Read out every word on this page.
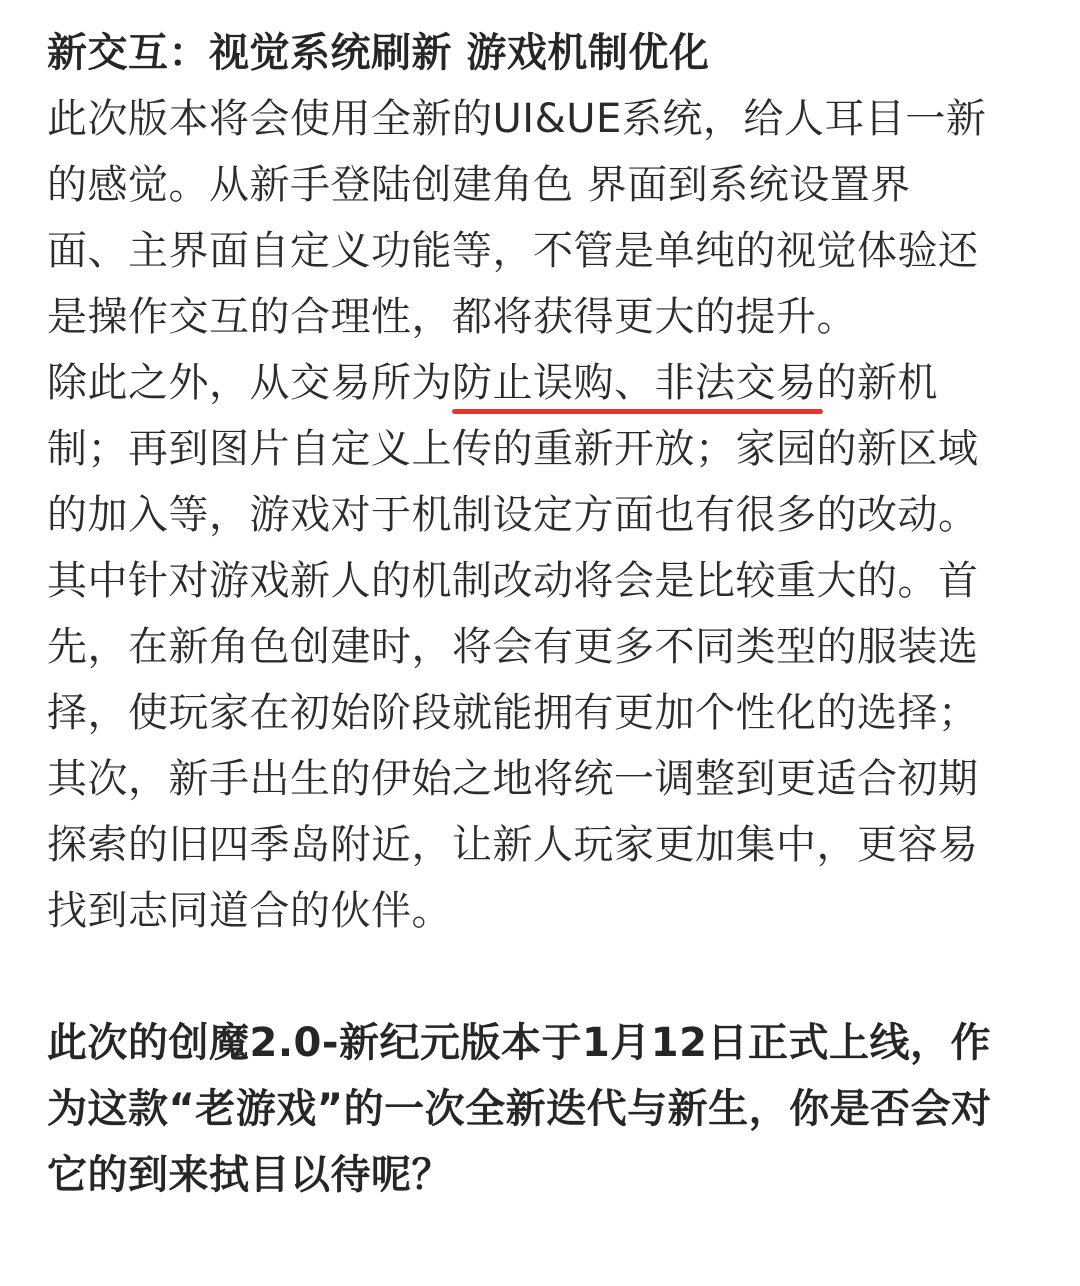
新交互：视觉系统刷新 游戏机制优化
此次版本将会使用全新的UI&UE系统，给人耳目一新
的感觉。从新手登陆创建角色 界面到系统设置界
面、主界面自定义功能等，不管是单纯的视觉体验还
是操作交互的合理性，都将获得更大的提升。
除此之外，从交易所为防止误购、非法交易
的新机
制；再到图片自定义上传的重新开放；家园的新区域
的加入等，游戏对于机制设定方面也有很多的改动。
其中针对游戏新人的机制改动将会是比较重大的。首
先，在新角色创建时，将会有更多不同类型的服装选
择，使玩家在初始阶段就能拥有更加个性化的选择；
其次，新手出生的伊始之地将统一调整到更适合初期
探索的旧四季岛附近，让新人玩家更加集中，更容易
找到志同道合的伙伴。
此次的创魔2.0-新纪元版本于1月12日正式上线，作
为这款“老游戏”的一次全新迭代与新生，你是否会对
它的到来拭目以待呢？
